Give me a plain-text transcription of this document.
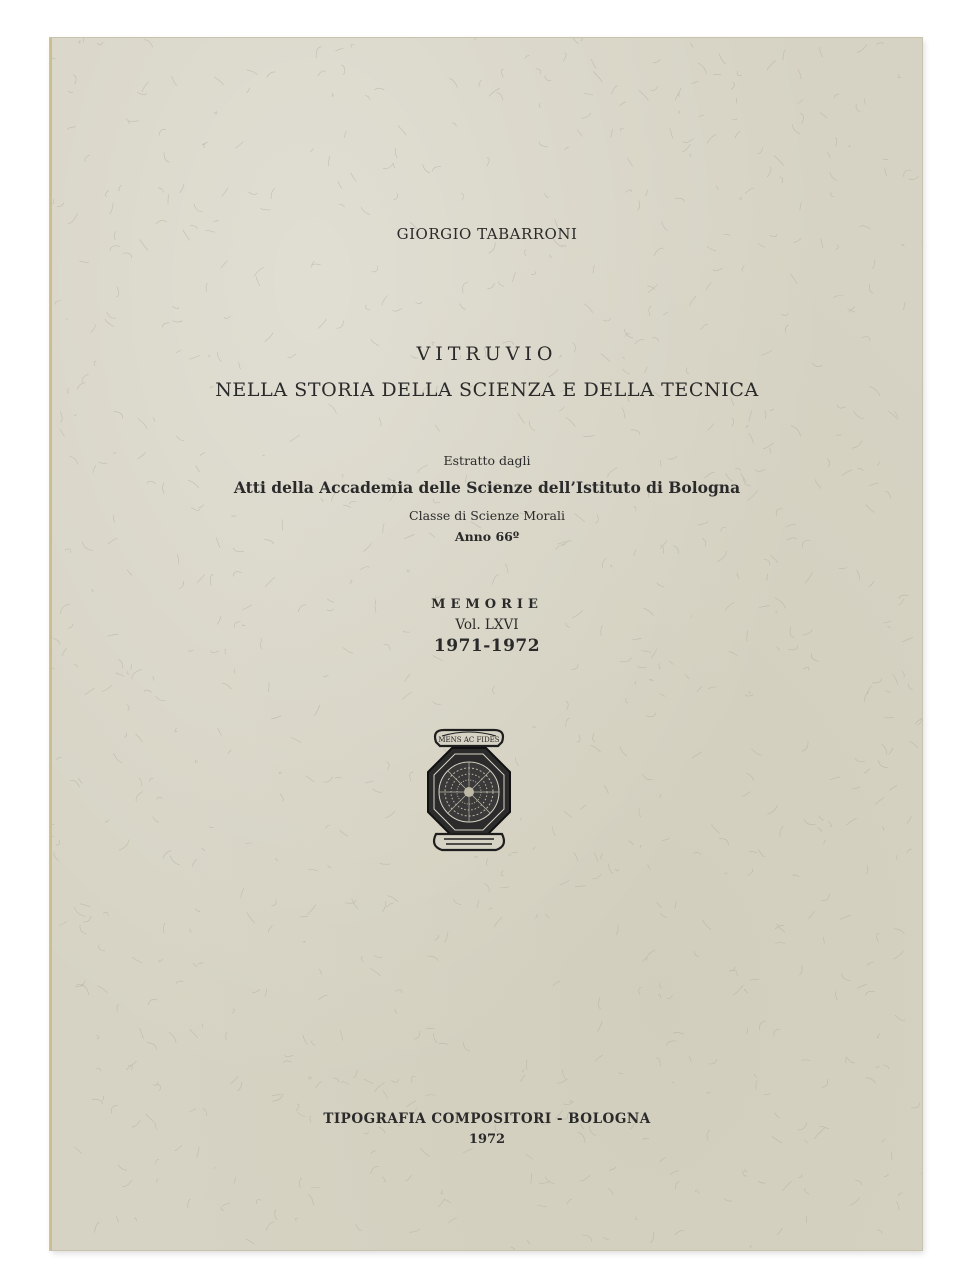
GIORGIO TABARRONI
VITRUVIO
NELLA STORIA DELLA SCIENZA E DELLA TECNICA
Estratto dagli
Atti della Accademia delle Scienze dell’Istituto di Bologna
Classe di Scienze Morali
Anno 66º
MEMORIE
Vol. LXVI
1971-1972
MENS AC FIDES
TIPOGRAFIA COMPOSITORI - BOLOGNA
1972
